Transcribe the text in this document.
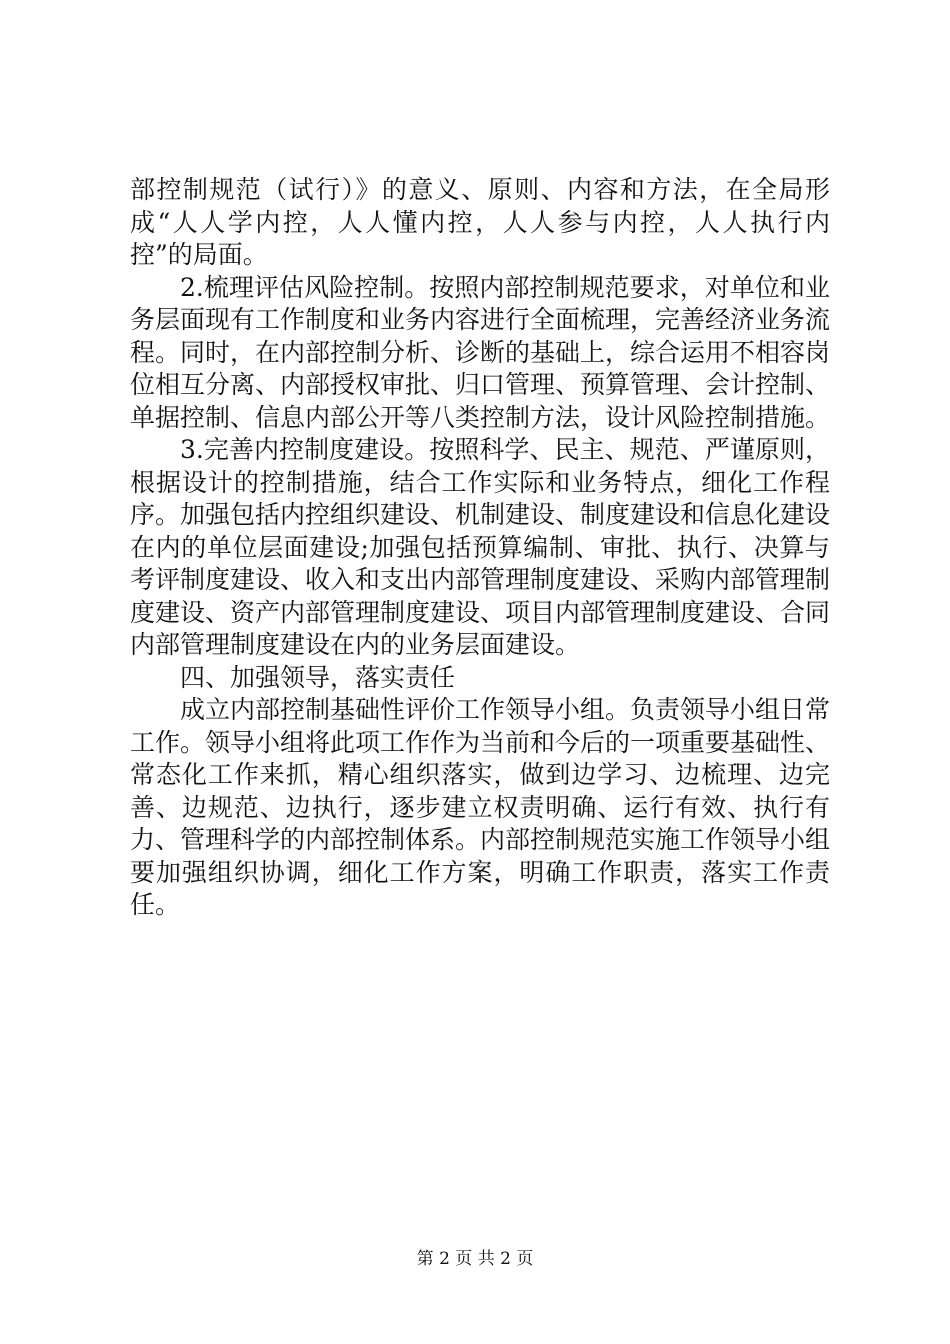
部控制规范（试行）》的意义、原则、内容和方法，在全局形成“人人学内控，人人懂内控，人人参与内控，人人执行内控”的局面。

2.梳理评估风险控制。按照内部控制规范要求，对单位和业务层面现有工作制度和业务内容进行全面梳理，完善经济业务流程。同时，在内部控制分析、诊断的基础上，综合运用不相容岗位相互分离、内部授权审批、归口管理、预算管理、会计控制、单据控制、信息内部公开等八类控制方法，设计风险控制措施。

3.完善内控制度建设。按照科学、民主、规范、严谨原则，根据设计的控制措施，结合工作实际和业务特点，细化工作程序。加强包括内控组织建设、机制建设、制度建设和信息化建设在内的单位层面建设;加强包括预算编制、审批、执行、决算与考评制度建设、收入和支出内部管理制度建设、采购内部管理制度建设、资产内部管理制度建设、项目内部管理制度建设、合同内部管理制度建设在内的业务层面建设。

四、加强领导，落实责任

成立内部控制基础性评价工作领导小组。负责领导小组日常工作。领导小组将此项工作作为当前和今后的一项重要基础性、常态化工作来抓，精心组织落实，做到边学习、边梳理、边完善、边规范、边执行，逐步建立权责明确、运行有效、执行有力、管理科学的内部控制体系。内部控制规范实施工作领导小组要加强组织协调，细化工作方案，明确工作职责，落实工作责任。

第 2 页 共 2 页
